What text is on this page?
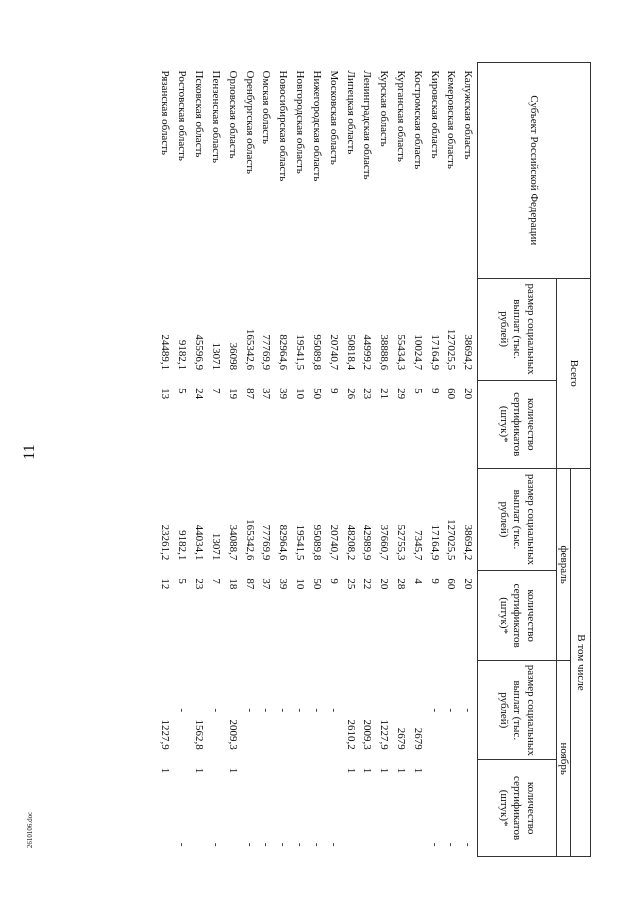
11
2610106.doc
Субъект Российской Федерации	Всего		В том числе			
			февраль		ноябрь	
	размер социальных выплат (тыс. рублей)	количество сертификатов (штук)*	размер социальных выплат (тыс. рублей)	количество сертификатов (штук)*	размер социальных выплат (тыс. рублей)	количество сертификатов (штук)*
Калужская область	38694,2	20	38694,2	20	-	-
Кемеровская область	127025,5	60	127025,5	60	-	-
Кировская область	17164,9	9	17164,9	9	-	-
Костромская область	10024,7	5	7345,7	4	2679	1
Курганская область	55434,3	29	52755,3	28	2679	1
Курская область	38888,6	21	37660,7	20	1227,9	1
Ленинградская область	44999,2	23	42989,9	22	2009,3	1
Липецкая область	50818,4	26	48208,2	25	2610,2	1
Московская область	20740,7	9	20740,7	9	-	-
Нижегородская область	95089,8	50	95089,8	50	-	-
Новгородская область	19541,5	10	19541,5	10	-	-
Новосибирская область	82964,6	39	82964,6	39	-	-
Омская область	77769,9	37	77769,9	37	-	-
Оренбургская область	165342,6	87	165342,6	87	-	-
Орловская область	36098	19	34088,7	18	2009,3	1
Пензенская область	13071	7	13071	7	-	-
Псковская область	45596,9	24	44034,1	23	1562,8	1
Ростовская область	9182,1	5	9182,1	5	-	-
Рязанская область	24489,1	13	23261,2	12	1227,9	1
